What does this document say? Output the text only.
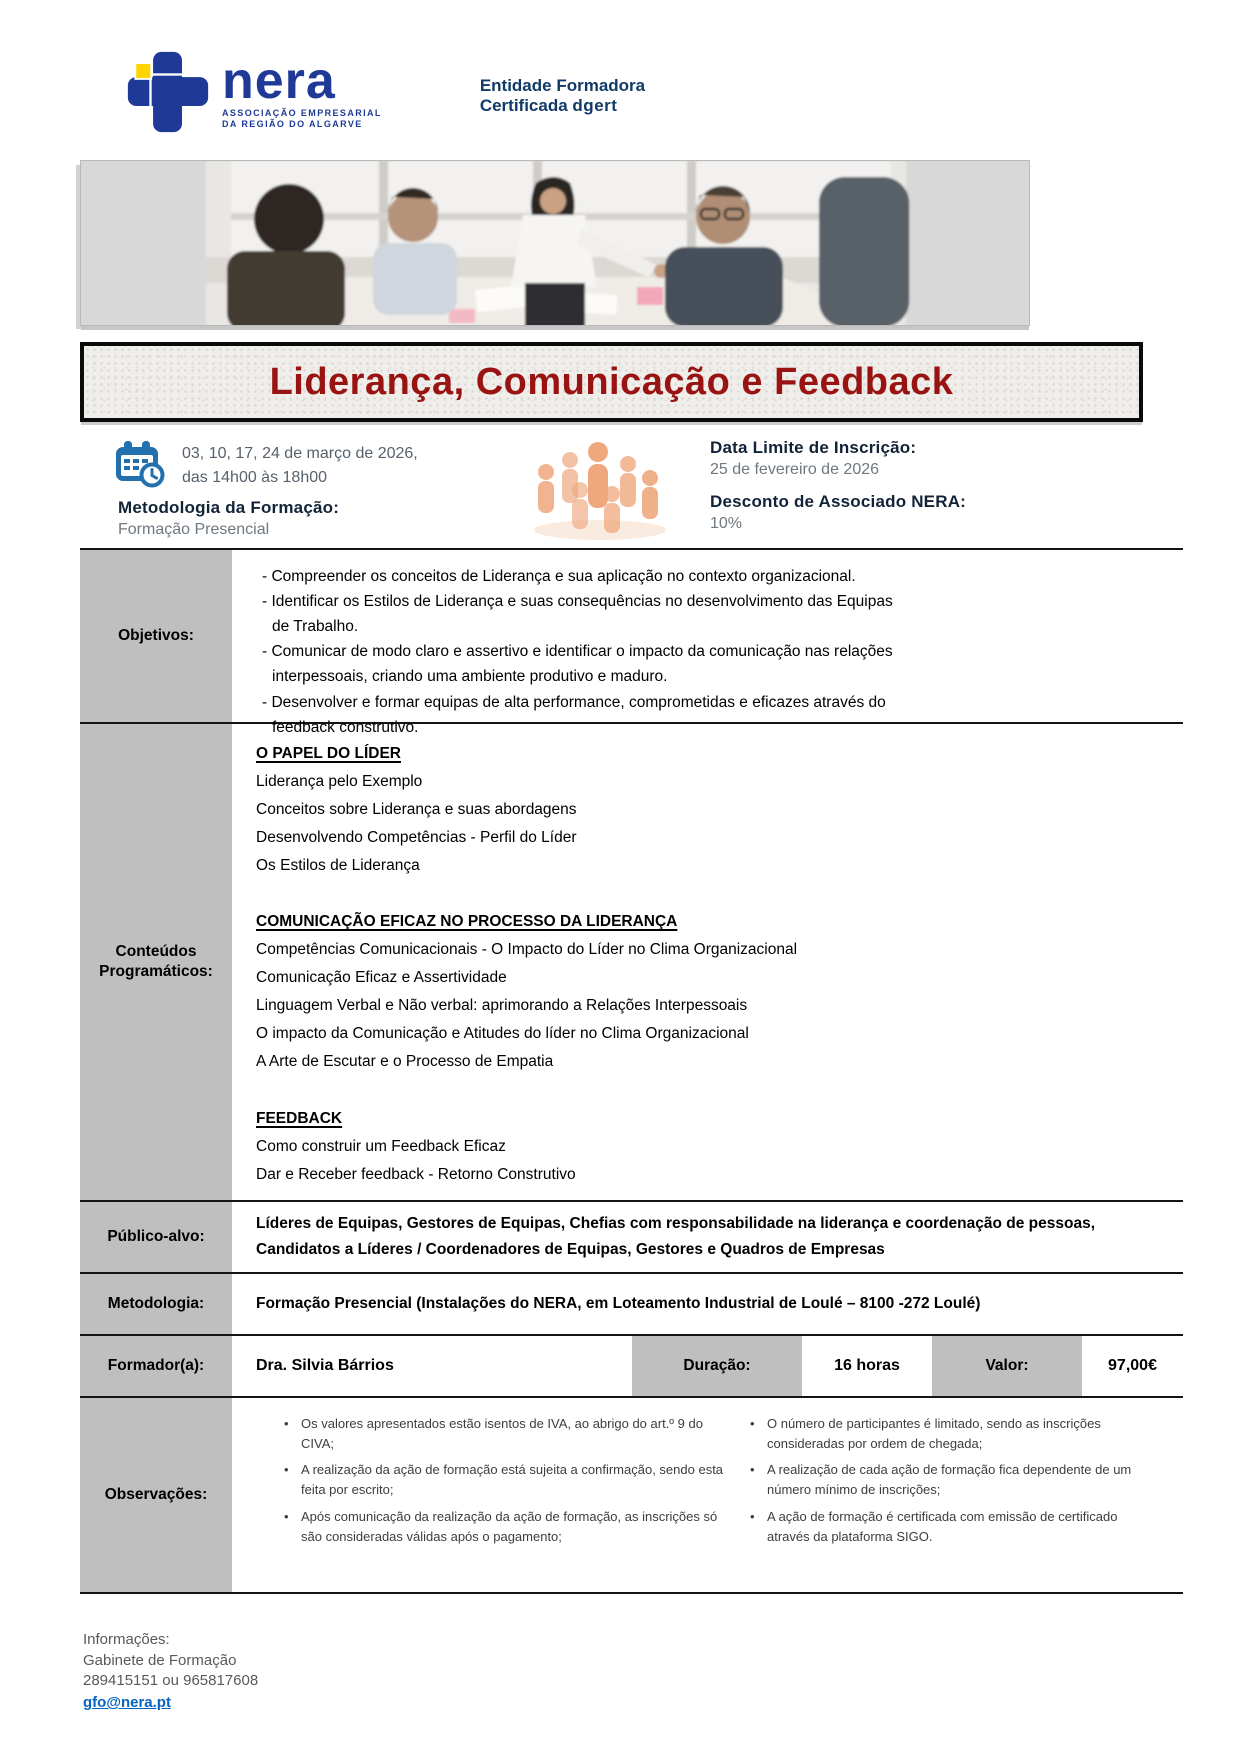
nera
ASSOCIAÇÃO EMPRESARIAL
DA REGIÃO DO ALGARVE
Entidade Formadora
Certificada dgert
Liderança, Comunicação e Feedback
03, 10, 17, 24 de março de 2026,
das 14h00 às 18h00
Metodologia da Formação:
Formação Presencial
Data Limite de Inscrição:
25 de fevereiro de 2026
Desconto de Associado NERA:
10%
Objetivos:
- Compreender os conceitos de Liderança e sua aplicação no contexto organizacional.
- Identificar os Estilos de Liderança e suas consequências no desenvolvimento das Equipas de Trabalho.
- Comunicar de modo claro e assertivo e identificar o impacto da comunicação nas relações interpessoais, criando uma ambiente produtivo e maduro.
- Desenvolver e formar equipas de alta performance, comprometidas e eficazes através do feedback construtivo.
Conteúdos Programáticos:
O PAPEL DO LÍDER
Liderança pelo Exemplo
Conceitos sobre Liderança e suas abordagens
Desenvolvendo Competências - Perfil do Líder
Os Estilos de Liderança
COMUNICAÇÃO EFICAZ NO PROCESSO DA LIDERANÇA
Competências Comunicacionais - O Impacto do Líder no Clima Organizacional
Comunicação Eficaz e Assertividade
Linguagem Verbal e Não verbal: aprimorando a Relações Interpessoais
O impacto da Comunicação e Atitudes do líder no Clima Organizacional
A Arte de Escutar e o Processo de Empatia
FEEDBACK
Como construir um Feedback Eficaz
Dar e Receber feedback - Retorno Construtivo
Público-alvo:
Líderes de Equipas, Gestores de Equipas, Chefias com responsabilidade na liderança e coordenação de pessoas, Candidatos a Líderes / Coordenadores de Equipas, Gestores e Quadros de Empresas
Metodologia:	Formação Presencial (Instalações do NERA, em Loteamento Industrial de Loulé – 8100 -272 Loulé)
Formador(a):	Dra. Silvia Bárrios	Duração:	16 horas	Valor:	97,00€
Observações:
• Os valores apresentados estão isentos de IVA, ao abrigo do art.º 9 do CIVA;
• A realização da ação de formação está sujeita a confirmação, sendo esta feita por escrito;
• Após comunicação da realização da ação de formação, as inscrições só são consideradas válidas após o pagamento;
• O número de participantes é limitado, sendo as inscrições consideradas por ordem de chegada;
• A realização de cada ação de formação fica dependente de um número mínimo de inscrições;
• A ação de formação é certificada com emissão de certificado através da plataforma SIGO.
Informações:
Gabinete de Formação
289415151 ou 965817608
gfo@nera.pt
